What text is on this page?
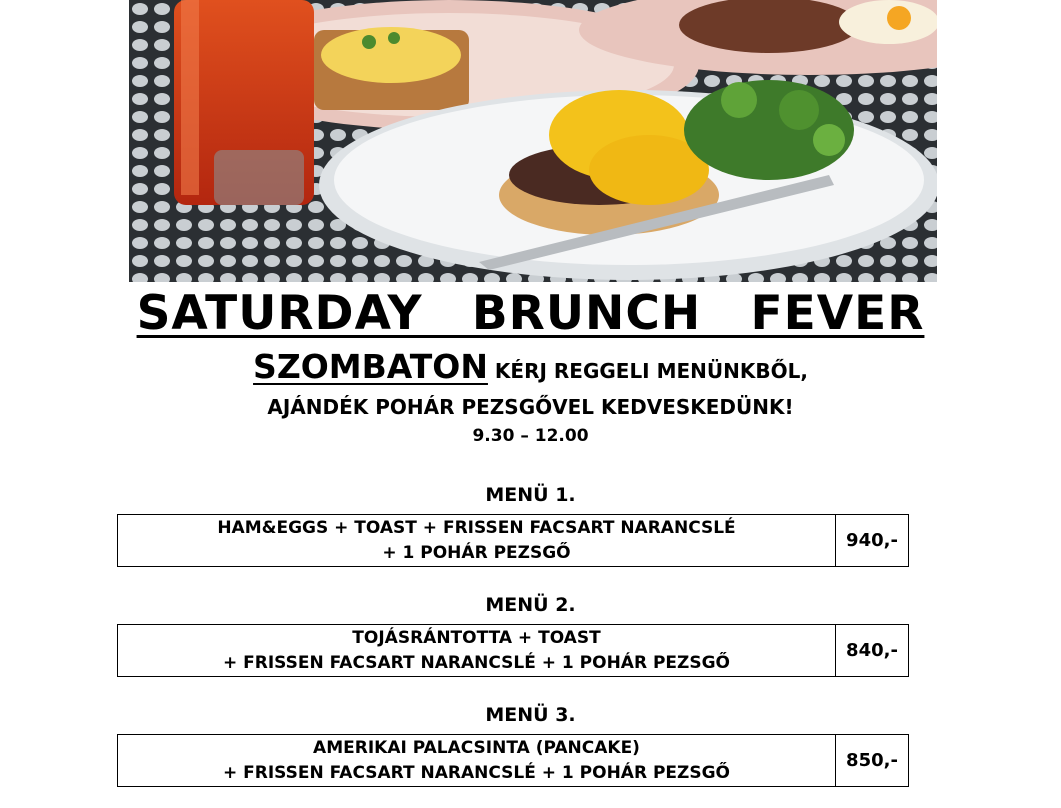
SATURDAY BRUNCH FEVER
SZOMBATON KÉRJ REGGELI MENÜNKBŐL,
AJÁNDÉK POHÁR PEZSGŐVEL KEDVESKEDÜNK!
9.30 – 12.00
MENÜ 1.
HAM&EGGS + TOAST + FRISSEN FACSART NARANCSLÉ
+ 1 POHÁR PEZSGŐ
940,-
MENÜ 2.
TOJÁSRÁNTOTTA + TOAST
+ FRISSEN FACSART NARANCSLÉ + 1 POHÁR PEZSGŐ
840,-
MENÜ 3.
AMERIKAI PALACSINTA (PANCAKE)
+ FRISSEN FACSART NARANCSLÉ + 1 POHÁR PEZSGŐ
850,-
